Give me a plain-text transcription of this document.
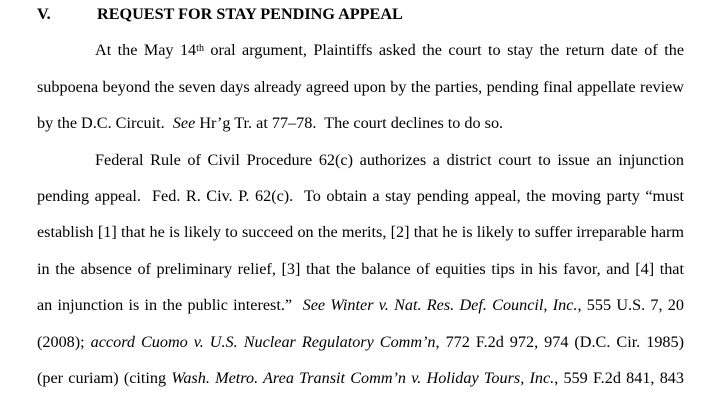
V.	REQUEST FOR STAY PENDING APPEAL
At the May 14th oral argument, Plaintiffs asked the court to stay the return date of the
subpoena beyond the seven days already agreed upon by the parties, pending final appellate review
by the D.C. Circuit.  See Hr’g Tr. at 77–78.  The court declines to do so.
Federal Rule of Civil Procedure 62(c) authorizes a district court to issue an injunction
pending appeal.  Fed. R. Civ. P. 62(c).  To obtain a stay pending appeal, the moving party “must
establish [1] that he is likely to succeed on the merits, [2] that he is likely to suffer irreparable harm
in the absence of preliminary relief, [3] that the balance of equities tips in his favor, and [4] that
an injunction is in the public interest.”  See Winter v. Nat. Res. Def. Council, Inc., 555 U.S. 7, 20
(2008); accord Cuomo v. U.S. Nuclear Regulatory Comm’n, 772 F.2d 972, 974 (D.C. Cir. 1985)
(per curiam) (citing Wash. Metro. Area Transit Comm’n v. Holiday Tours, Inc., 559 F.2d 841, 843
